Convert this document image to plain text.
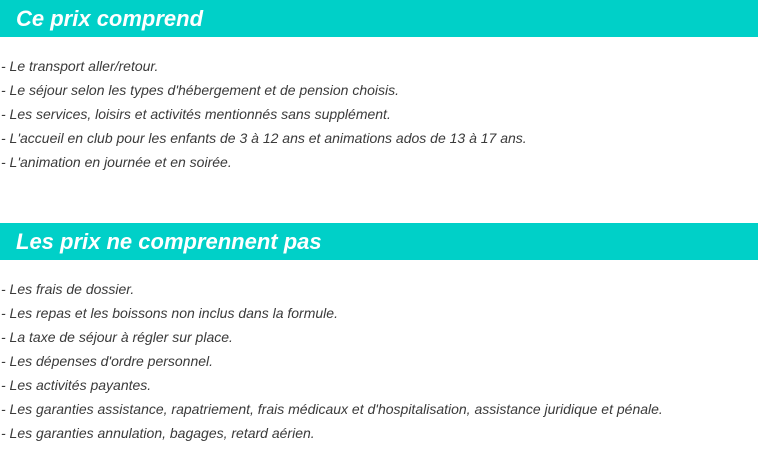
Ce prix comprend
- Le transport aller/retour.
- Le séjour selon les types d'hébergement et de pension choisis.
- Les services, loisirs et activités mentionnés sans supplément.
- L'accueil en club pour les enfants de 3 à 12 ans et animations ados de 13 à 17 ans.
- L'animation en journée et en soirée.
Les prix ne comprennent pas
- Les frais de dossier.
- Les repas et les boissons non inclus dans la formule.
- La taxe de séjour à régler sur place.
- Les dépenses d'ordre personnel.
- Les activités payantes.
- Les garanties assistance, rapatriement, frais médicaux et d'hospitalisation, assistance juridique et pénale.
- Les garanties annulation, bagages, retard aérien.
